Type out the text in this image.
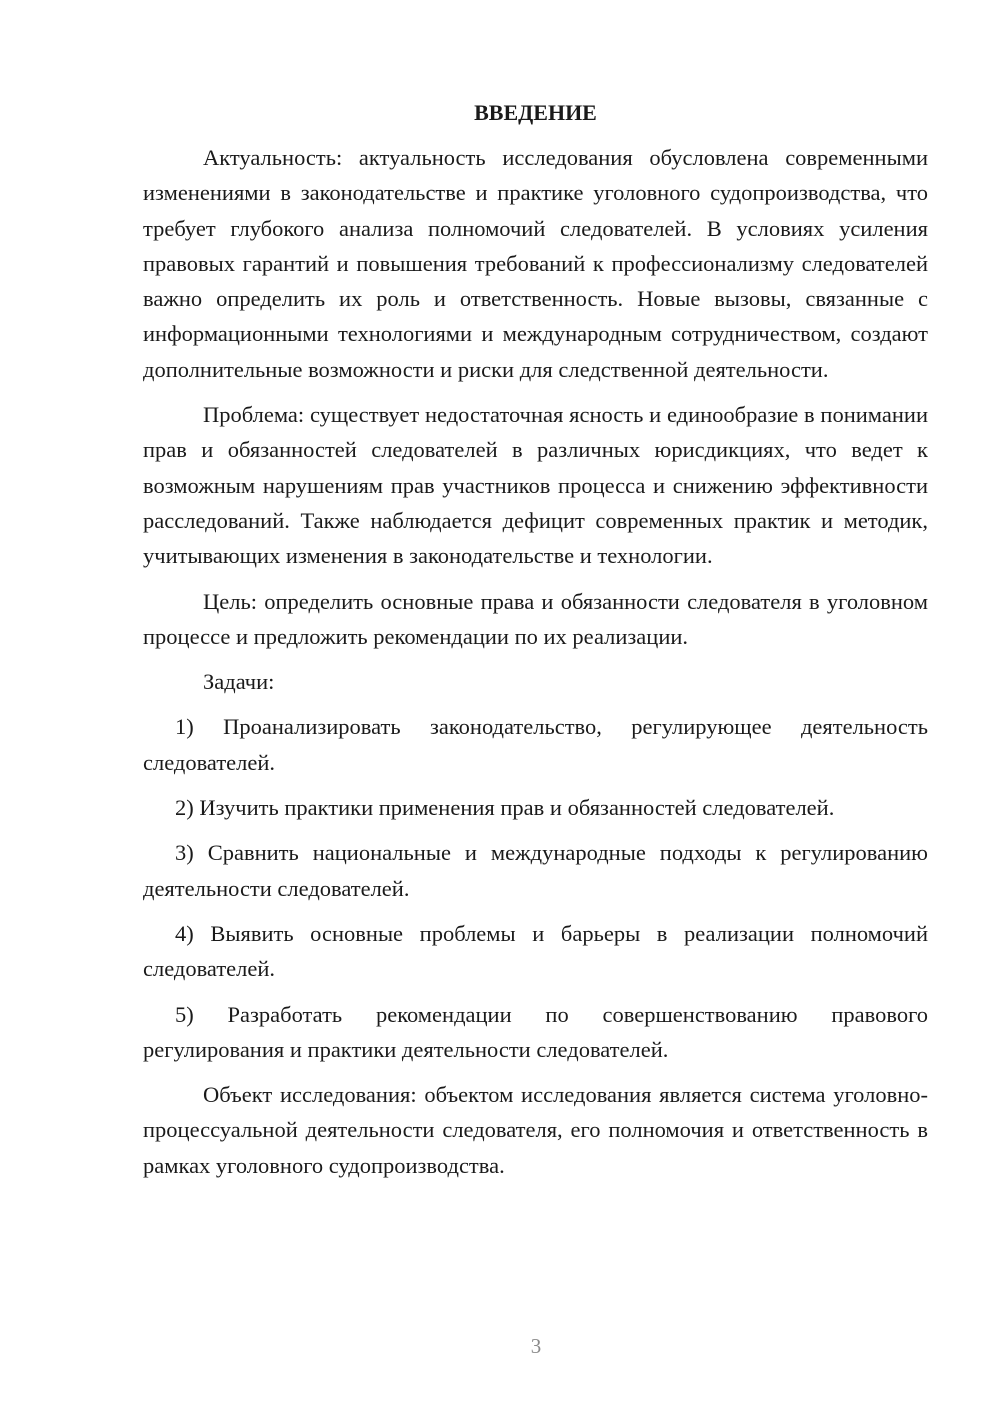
ВВЕДЕНИЕ

Актуальность: актуальность исследования обусловлена современными изменениями в законодательстве и практике уголовного судопроизводства, что требует глубокого анализа полномочий следователей. В условиях усиления правовых гарантий и повышения требований к профессионализму следователей важно определить их роль и ответственность. Новые вызовы, связанные с информационными технологиями и международным сотрудничеством, создают дополнительные возможности и риски для следственной деятельности.

Проблема: существует недостаточная ясность и единообразие в понимании прав и обязанностей следователей в различных юрисдикциях, что ведет к возможным нарушениям прав участников процесса и снижению эффективности расследований. Также наблюдается дефицит современных практик и методик, учитывающих изменения в законодательстве и технологии.

Цель: определить основные права и обязанности следователя в уголовном процессе и предложить рекомендации по их реализации.

Задачи:

1) Проанализировать законодательство, регулирующее деятельность следователей.

2) Изучить практики применения прав и обязанностей следователей.

3) Сравнить национальные и международные подходы к регулированию деятельности следователей.

4) Выявить основные проблемы и барьеры в реализации полномочий следователей.

5) Разработать рекомендации по совершенствованию правового регулирования и практики деятельности следователей.

Объект исследования: объектом исследования является система уголовно-процессуальной деятельности следователя, его полномочия и ответственность в рамках уголовного судопроизводства.

3
